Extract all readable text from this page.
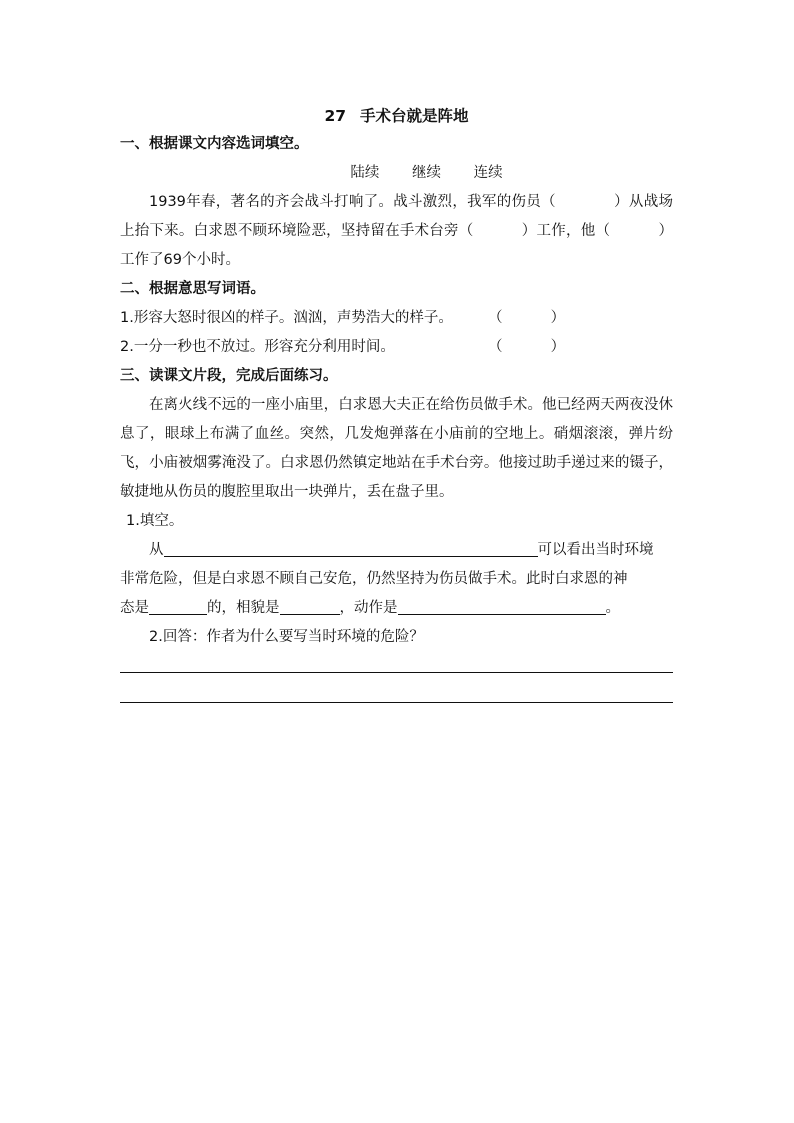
27 手术台就是阵地
一、根据课文内容选词填空。
陆续 继续 连续
1939年春，著名的齐会战斗打响了。战斗激烈，我军的伤员（　　	）从战场上抬下来。白求恩不顾环境险恶，坚持留在手术台旁（　	）工作，他（　	）工作了69个小时。
二、根据意思写词语。
1.形容大怒时很凶的样子。汹汹，声势浩大的样子。 （　　　 ）
2.一分一秒也不放过。形容充分利用时间。	（　　　 ）
三、读课文片段，完成后面练习。
在离火线不远的一座小庙里，白求恩大夫正在给伤员做手术。他已经两天两夜没休息了，眼球上布满了血丝。突然，几发炮弹落在小庙前的空地上。硝烟滚滚，弹片纷飞，小庙被烟雾淹没了。白求恩仍然镇定地站在手术台旁。他接过助手递过来的镊子，敏捷地从伤员的腹腔里取出一块弹片，丢在盘子里。
1.填空。
从	可以看出当时环境
非常危险，但是白求恩不顾自己安危，仍然坚持为伤员做手术。此时白求恩的神
态是	的，相貌是	，动作是	。
2.回答：作者为什么要写当时环境的危险？
